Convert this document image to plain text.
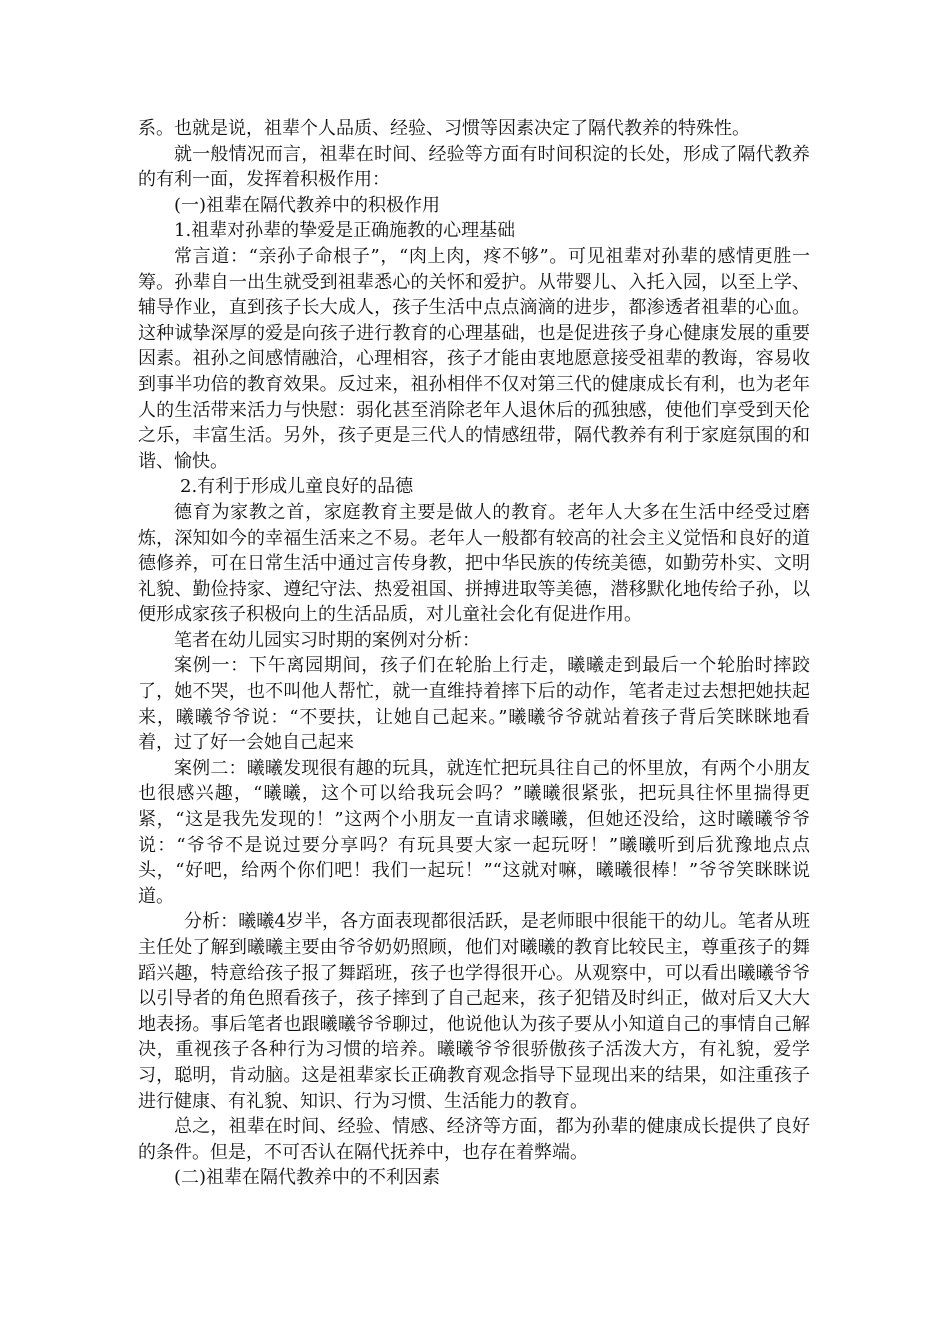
系。也就是说，祖辈个人品质、经验、习惯等因素决定了隔代教养的特殊性。

就一般情况而言，祖辈在时间、经验等方面有时间积淀的长处，形成了隔代教养的有利一面，发挥着积极作用：

(一)祖辈在隔代教养中的积极作用

1.祖辈对孙辈的挚爱是正确施教的心理基础

常言道：“亲孙子命根子”，“肉上肉，疼不够”。可见祖辈对孙辈的感情更胜一筹。孙辈自一出生就受到祖辈悉心的关怀和爱护。从带婴儿、入托入园，以至上学、辅导作业，直到孩子长大成人，孩子生活中点点滴滴的进步，都渗透者祖辈的心血。这种诚挚深厚的爱是向孩子进行教育的心理基础，也是促进孩子身心健康发展的重要因素。祖孙之间感情融洽，心理相容，孩子才能由衷地愿意接受祖辈的教诲，容易收到事半功倍的教育效果。反过来，祖孙相伴不仅对第三代的健康成长有利，也为老年人的生活带来活力与快慰：弱化甚至消除老年人退休后的孤独感，使他们享受到天伦之乐，丰富生活。另外，孩子更是三代人的情感纽带，隔代教养有利于家庭氛围的和谐、愉快。

2.有利于形成儿童良好的品德

德育为家教之首，家庭教育主要是做人的教育。老年人大多在生活中经受过磨炼，深知如今的幸福生活来之不易。老年人一般都有较高的社会主义觉悟和良好的道德修养，可在日常生活中通过言传身教，把中华民族的传统美德，如勤劳朴实、文明礼貌、勤俭持家、遵纪守法、热爱祖国、拼搏进取等美德，潜移默化地传给子孙，以便形成家孩子积极向上的生活品质，对儿童社会化有促进作用。

笔者在幼儿园实习时期的案例对分析：

案例一：下午离园期间，孩子们在轮胎上行走，曦曦走到最后一个轮胎时摔跤了，她不哭，也不叫他人帮忙，就一直维持着摔下后的动作，笔者走过去想把她扶起来，曦曦爷爷说：“不要扶，让她自己起来。”曦曦爷爷就站着孩子背后笑眯眯地看着，过了好一会她自己起来

案例二：曦曦发现很有趣的玩具，就连忙把玩具往自己的怀里放，有两个小朋友也很感兴趣，“曦曦，这个可以给我玩会吗？”曦曦很紧张，把玩具往怀里揣得更紧，“这是我先发现的！”这两个小朋友一直请求曦曦，但她还没给，这时曦曦爷爷说：“爷爷不是说过要分享吗？有玩具要大家一起玩呀！”曦曦听到后犹豫地点点头，“好吧，给两个你们吧！我们一起玩！”“这就对嘛，曦曦很棒！”爷爷笑眯眯说道。

分析：曦曦4岁半，各方面表现都很活跃，是老师眼中很能干的幼儿。笔者从班主任处了解到曦曦主要由爷爷奶奶照顾，他们对曦曦的教育比较民主，尊重孩子的舞蹈兴趣，特意给孩子报了舞蹈班，孩子也学得很开心。从观察中，可以看出曦曦爷爷以引导者的角色照看孩子，孩子摔到了自己起来，孩子犯错及时纠正，做对后又大大地表扬。事后笔者也跟曦曦爷爷聊过，他说他认为孩子要从小知道自己的事情自己解决，重视孩子各种行为习惯的培养。曦曦爷爷很骄傲孩子活泼大方，有礼貌，爱学习，聪明，肯动脑。这是祖辈家长正确教育观念指导下显现出来的结果，如注重孩子进行健康、有礼貌、知识、行为习惯、生活能力的教育。

总之，祖辈在时间、经验、情感、经济等方面，都为孙辈的健康成长提供了良好的条件。但是，不可否认在隔代抚养中，也存在着弊端。

(二)祖辈在隔代教养中的不利因素
